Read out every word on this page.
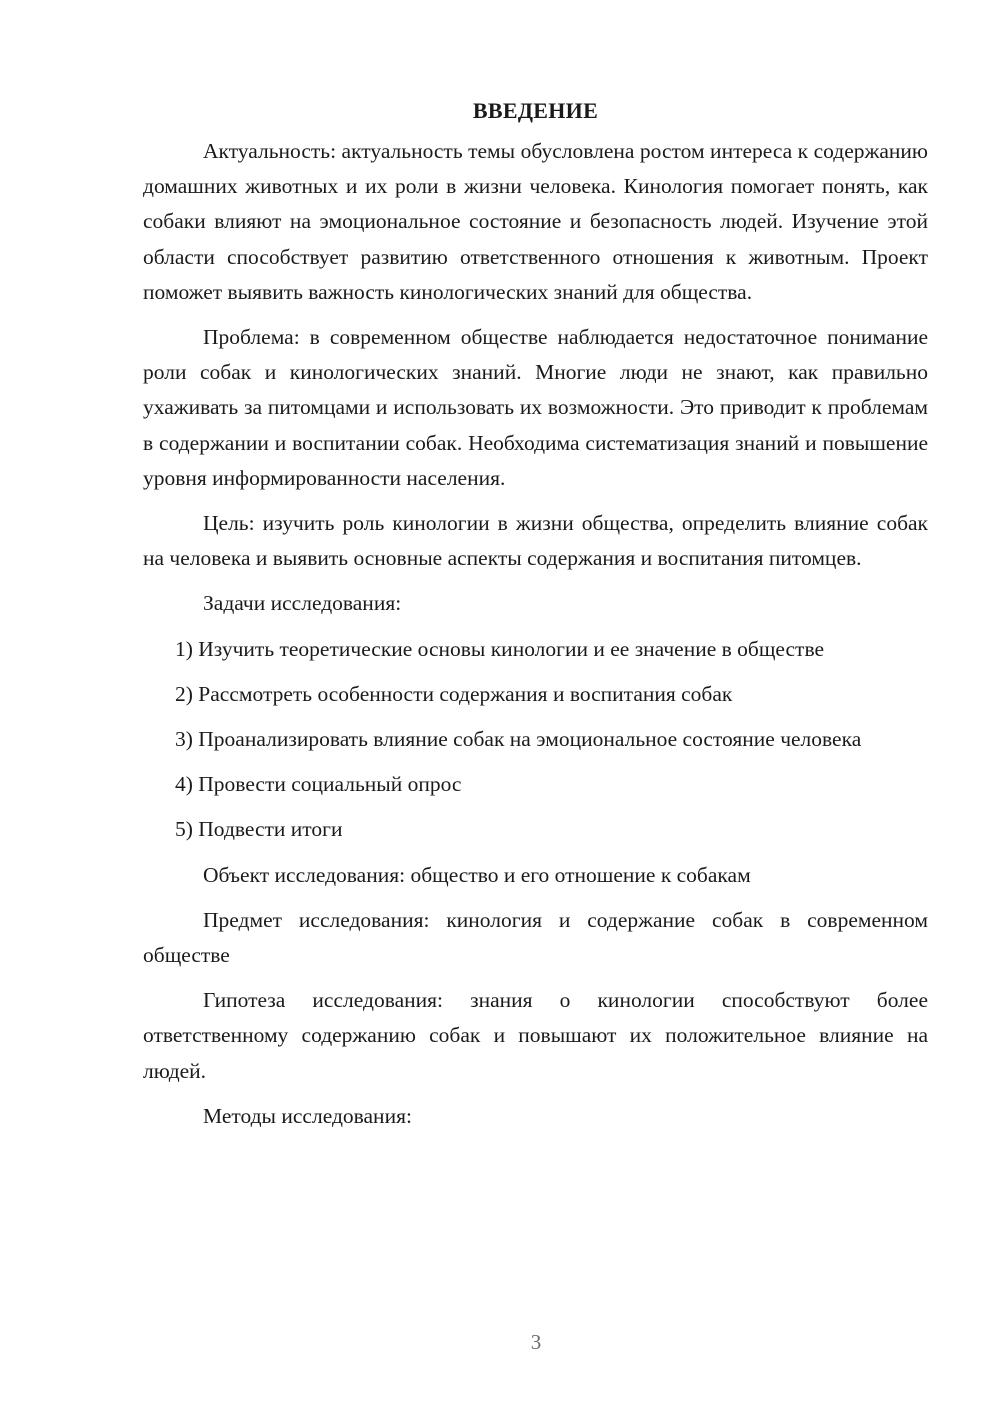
ВВЕДЕНИЕ

Актуальность: актуальность темы обусловлена ростом интереса к содержанию домашних животных и их роли в жизни человека. Кинология помогает понять, как собаки влияют на эмоциональное состояние и безопасность людей. Изучение этой области способствует развитию ответственного отношения к животным. Проект поможет выявить важность кинологических знаний для общества.

Проблема: в современном обществе наблюдается недостаточное понимание роли собак и кинологических знаний. Многие люди не знают, как правильно ухаживать за питомцами и использовать их возможности. Это приводит к проблемам в содержании и воспитании собак. Необходима систематизация знаний и повышение уровня информированности населения.

Цель: изучить роль кинологии в жизни общества, определить влияние собак на человека и выявить основные аспекты содержания и воспитания питомцев.

Задачи исследования:

1) Изучить теоретические основы кинологии и ее значение в обществе

2) Рассмотреть особенности содержания и воспитания собак

3) Проанализировать влияние собак на эмоциональное состояние человека

4) Провести социальный опрос

5) Подвести итоги

Объект исследования: общество и его отношение к собакам

Предмет исследования: кинология и содержание собак в современном обществе

Гипотеза исследования: знания о кинологии способствуют более ответственному содержанию собак и повышают их положительное влияние на людей.

Методы исследования:

3
